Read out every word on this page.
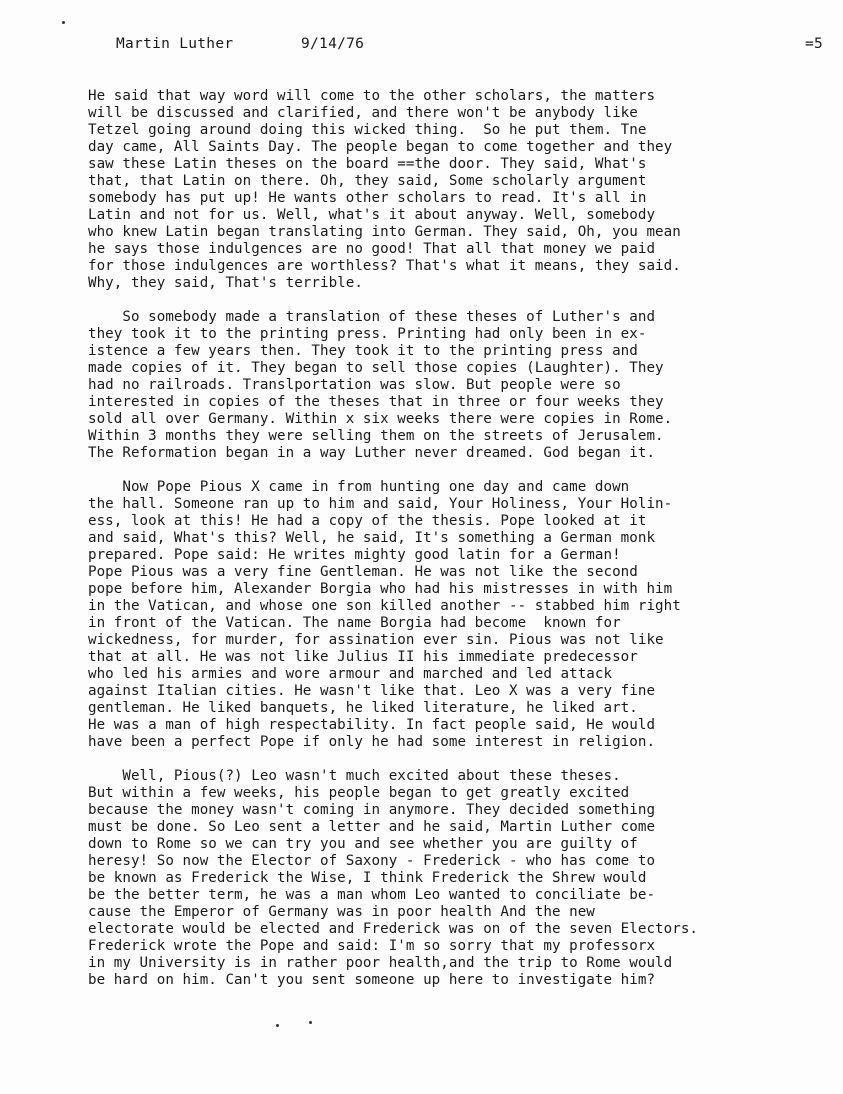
Martin Luther	9/14/76	=5
He said that way word will come to the other scholars, the matters
will be discussed and clarified, and there won't be anybody like
Tetzel going around doing this wicked thing.  So he put them. Tne
day came, All Saints Day. The people began to come together and they
saw these Latin theses on the board ==the door. They said, What's
that, that Latin on there. Oh, they said, Some scholarly argument
somebody has put up! He wants other scholars to read. It's all in
Latin and not for us. Well, what's it about anyway. Well, somebody
who knew Latin began translating into German. They said, Oh, you mean
he says those indulgences are no good! That all that money we paid
for those indulgences are worthless? That's what it means, they said.
Why, they said, That's terrible.
So somebody made a translation of these theses of Luther's and
they took it to the printing press. Printing had only been in ex-
istence a few years then. They took it to the printing press and
made copies of it. They began to sell those copies (Laughter). They
had no railroads. Translportation was slow. But people were so
interested in copies of the theses that in three or four weeks they
sold all over Germany. Within x six weeks there were copies in Rome.
Within 3 months they were selling them on the streets of Jerusalem.
The Reformation began in a way Luther never dreamed. God began it.
Now Pope Pious X came in from hunting one day and came down
the hall. Someone ran up to him and said, Your Holiness, Your Holin-
ess, look at this! He had a copy of the thesis. Pope looked at it
and said, What's this? Well, he said, It's something a German monk
prepared. Pope said: He writes mighty good latin for a German!
Pope Pious was a very fine Gentleman. He was not like the second
pope before him, Alexander Borgia who had his mistresses in with him
in the Vatican, and whose one son killed another -- stabbed him right
in front of the Vatican. The name Borgia had become  known for
wickedness, for murder, for assination ever sin. Pious was not like
that at all. He was not like Julius II his immediate predecessor
who led his armies and wore armour and marched and led attack
against Italian cities. He wasn't like that. Leo X was a very fine
gentleman. He liked banquets, he liked literature, he liked art.
He was a man of high respectability. In fact people said, He would
have been a perfect Pope if only he had some interest in religion.
Well, Pious(?) Leo wasn't much excited about these theses.
But within a few weeks, his people began to get greatly excited
because the money wasn't coming in anymore. They decided something
must be done. So Leo sent a letter and he said, Martin Luther come
down to Rome so we can try you and see whether you are guilty of
heresy! So now the Elector of Saxony - Frederick - who has come to
be known as Frederick the Wise, I think Frederick the Shrew would
be the better term, he was a man whom Leo wanted to conciliate be-
cause the Emperor of Germany was in poor health And the new
electorate would be elected and Frederick was on of the seven Electors.
Frederick wrote the Pope and said: I'm so sorry that my professorx
in my University is in rather poor health,and the trip to Rome would
be hard on him. Can't you sent someone up here to investigate him?
